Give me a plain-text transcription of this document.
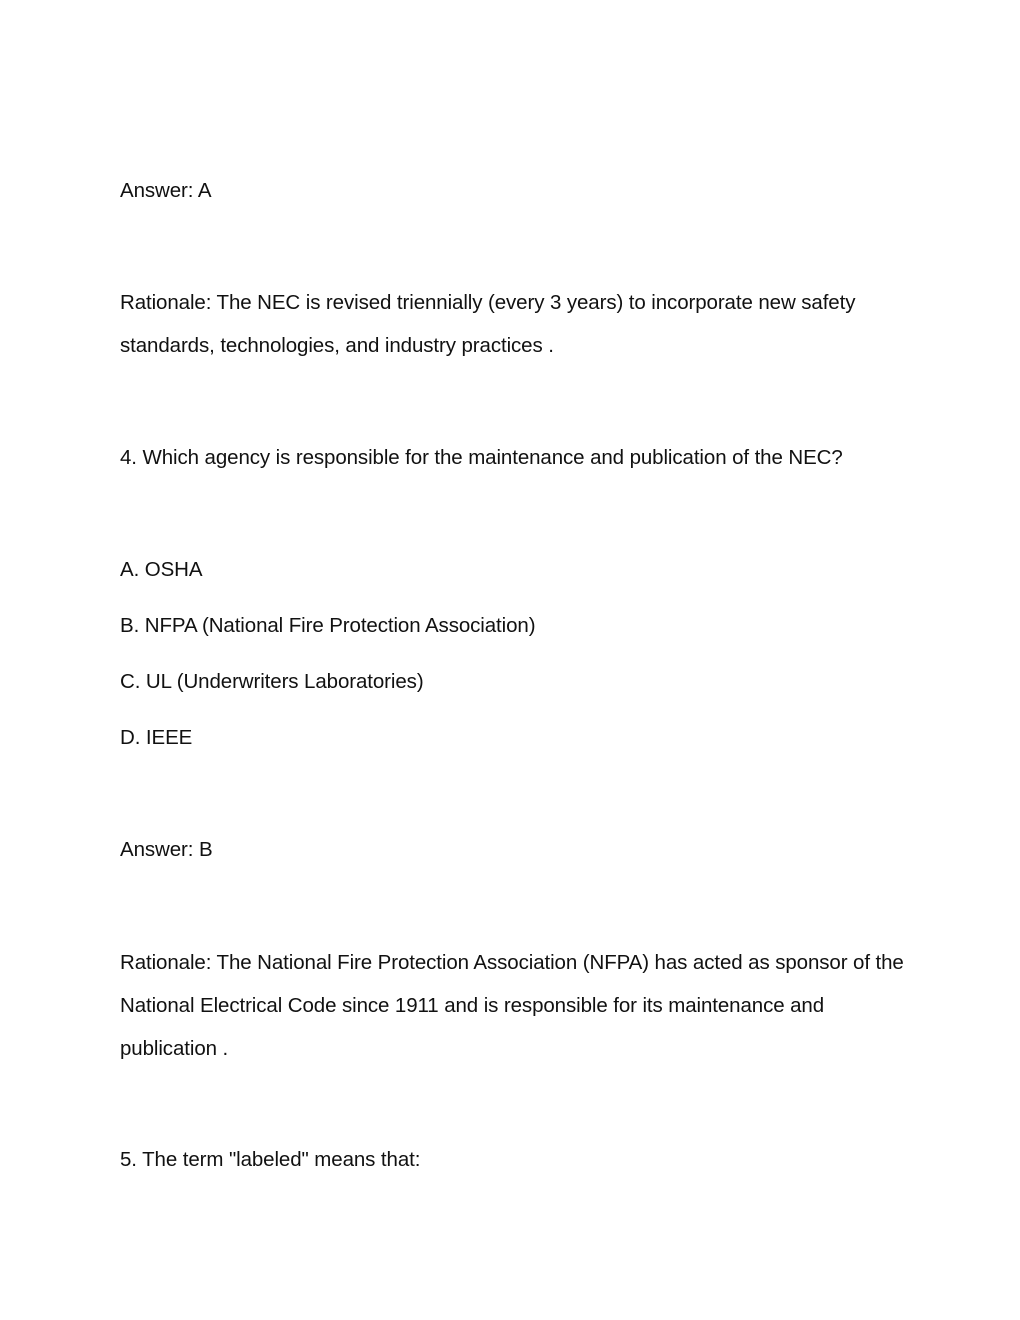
Answer: A
Rationale: The NEC is revised triennially (every 3 years) to incorporate new safety standards, technologies, and industry practices .
4. Which agency is responsible for the maintenance and publication of the NEC?
A. OSHA
B. NFPA (National Fire Protection Association)
C. UL (Underwriters Laboratories)
D. IEEE
Answer: B
Rationale: The National Fire Protection Association (NFPA) has acted as sponsor of the National Electrical Code since 1911 and is responsible for its maintenance and publication .
5. The term "labeled" means that:
